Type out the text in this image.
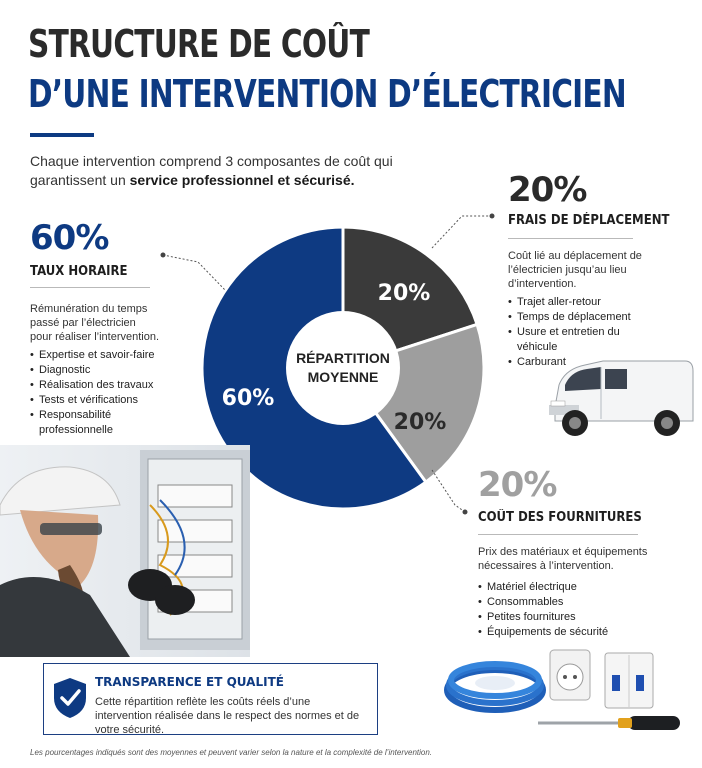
STRUCTURE DE COÛT
D’UNE INTERVENTION D’ÉLECTRICIEN
Chaque intervention comprend 3 composantes de coût qui garantissent un service professionnel et sécurisé.
RÉPARTITION
MOYENNE
20%
20%
60%
60%
TAUX HORAIRE
Rémunération du temps passé par l’électricien pour réaliser l’intervention.
• Expertise et savoir-faire
• Diagnostic
• Réalisation des travaux
• Tests et vérifications
• Responsabilité professionnelle
20%
FRAIS DE DÉPLACEMENT
Coût lié au déplacement de l’électricien jusqu’au lieu d’intervention.
• Trajet aller-retour
• Temps de déplacement
• Usure et entretien du véhicule
• Carburant
20%
COÛT DES FOURNITURES
Prix des matériaux et équipements nécessaires à l’intervention.
• Matériel électrique
• Consommables
• Petites fournitures
• Équipements de sécurité
TRANSPARENCE ET QUALITÉ
Cette répartition reflète les coûts réels d’une intervention réalisée dans le respect des normes et de votre sécurité.
Les pourcentages indiqués sont des moyennes et peuvent varier selon la nature et la complexité de l’intervention.
